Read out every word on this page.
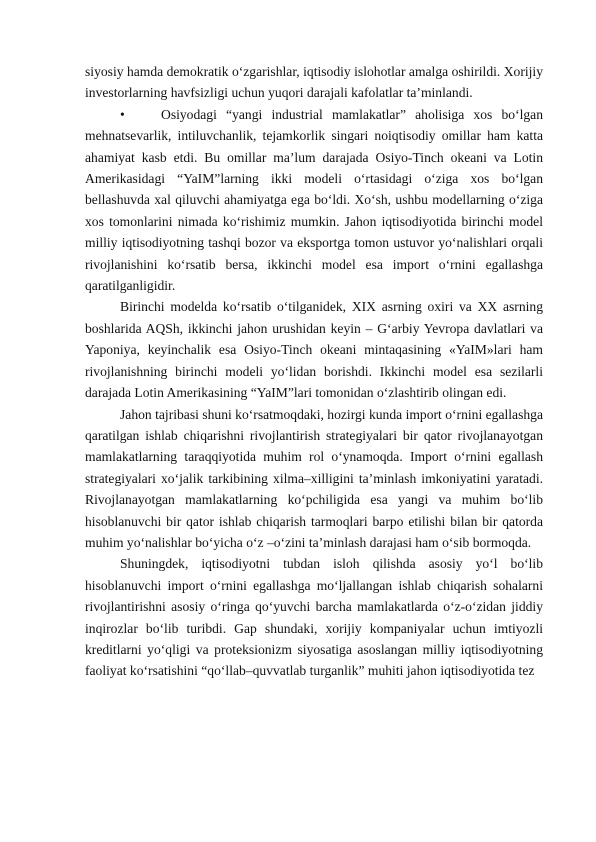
siyosiy hamda demokratik o‘zgarishlar, iqtisodiy islohotlar amalga oshirildi. Xorijiy investorlarning havfsizligi uchun yuqori darajali kafolatlar ta’minlandi.

•	Osiyodagi “yangi industrial mamlakatlar” aholisiga xos bo‘lgan mehnatsevarlik, intiluvchanlik, tejamkorlik singari noiqtisodiy omillar ham katta ahamiyat kasb etdi. Bu omillar ma’lum darajada Osiyo-Tinch okeani va Lotin Amerikasidagi “YaIM”larning ikki modeli o‘rtasidagi o‘ziga xos bo‘lgan bellashuvda xal qiluvchi ahamiyatga ega bo‘ldi. Xo‘sh, ushbu modellarning o‘ziga xos tomonlarini nimada ko‘rishimiz mumkin. Jahon iqtisodiyotida birinchi model milliy iqtisodiyotning tashqi bozor va eksportga tomon ustuvor yo‘nalishlari orqali rivojlanishini ko‘rsatib bersa, ikkinchi model esa import o‘rnini egallashga qaratilganligidir.

Birinchi modelda ko‘rsatib o‘tilganidek, XIX asrning oxiri va XX asrning boshlarida AQSh, ikkinchi jahon urushidan keyin – G‘arbiy Yevropa davlatlari va Yaponiya, keyinchalik esa Osiyo-Tinch okeani mintaqasining «YaIM»lari ham rivojlanishning birinchi modeli yo‘lidan borishdi. Ikkinchi model esa sezilarli darajada Lotin Amerikasining “YaIM”lari tomonidan o‘zlashtirib olingan edi.

Jahon tajribasi shuni ko‘rsatmoqdaki, hozirgi kunda import o‘rnini egallashga qaratilgan ishlab chiqarishni rivojlantirish strategiyalari bir qator rivojlanayotgan mamlakatlarning taraqqiyotida muhim rol o‘ynamoqda. Import o‘rnini egallash strategiyalari xo‘jalik tarkibining xilma–xilligini ta’minlash imkoniyatini yaratadi. Rivojlanayotgan mamlakatlarning ko‘pchiligida esa yangi va muhim bo‘lib hisoblanuvchi bir qator ishlab chiqarish tarmoqlari barpo etilishi bilan bir qatorda muhim yo‘nalishlar bo‘yicha o‘z –o‘zini ta’minlash darajasi ham o‘sib bormoqda.

Shuningdek, iqtisodiyotni tubdan isloh qilishda asosiy yo‘l bo‘lib hisoblanuvchi import o‘rnini egallashga mo‘ljallangan ishlab chiqarish sohalarni rivojlantirishni asosiy o‘ringa qo‘yuvchi barcha mamlakatlarda o‘z-o‘zidan jiddiy inqirozlar bo‘lib turibdi. Gap shundaki, xorijiy kompaniyalar uchun imtiyozli kreditlarni yo‘qligi va proteksionizm siyosatiga asoslangan milliy iqtisodiyotning faoliyat ko‘rsatishini “qo‘llab–quvvatlab turganlik” muhiti jahon iqtisodiyotida tez
